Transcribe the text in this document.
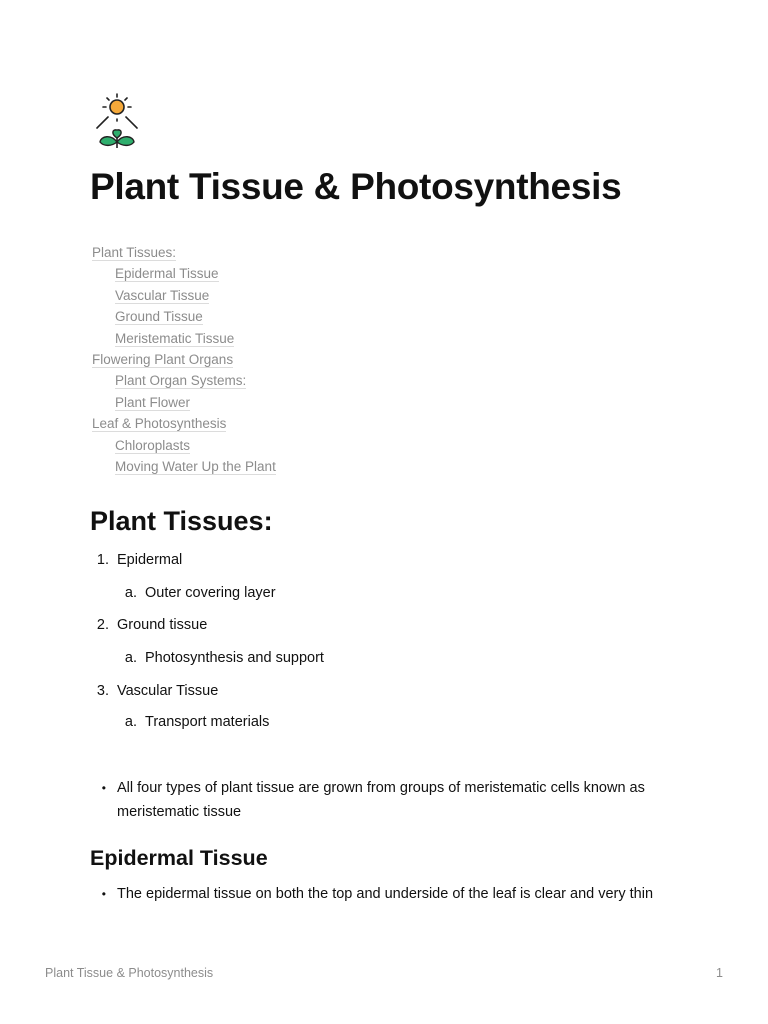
Plant Tissue & Photosynthesis
Plant Tissues:
Epidermal Tissue
Vascular Tissue
Ground Tissue
Meristematic Tissue
Flowering Plant Organs
Plant Organ Systems:
Plant Flower
Leaf & Photosynthesis
Chloroplasts
Moving Water Up the Plant
Plant Tissues:
1. Epidermal
a. Outer covering layer
2. Ground tissue
a. Photosynthesis and support
3. Vascular Tissue
a. Transport materials
• All four types of plant tissue are grown from groups of meristematic cells known as meristematic tissue
Epidermal Tissue
• The epidermal tissue on both the top and underside of the leaf is clear and very thin
Plant Tissue & Photosynthesis	1
